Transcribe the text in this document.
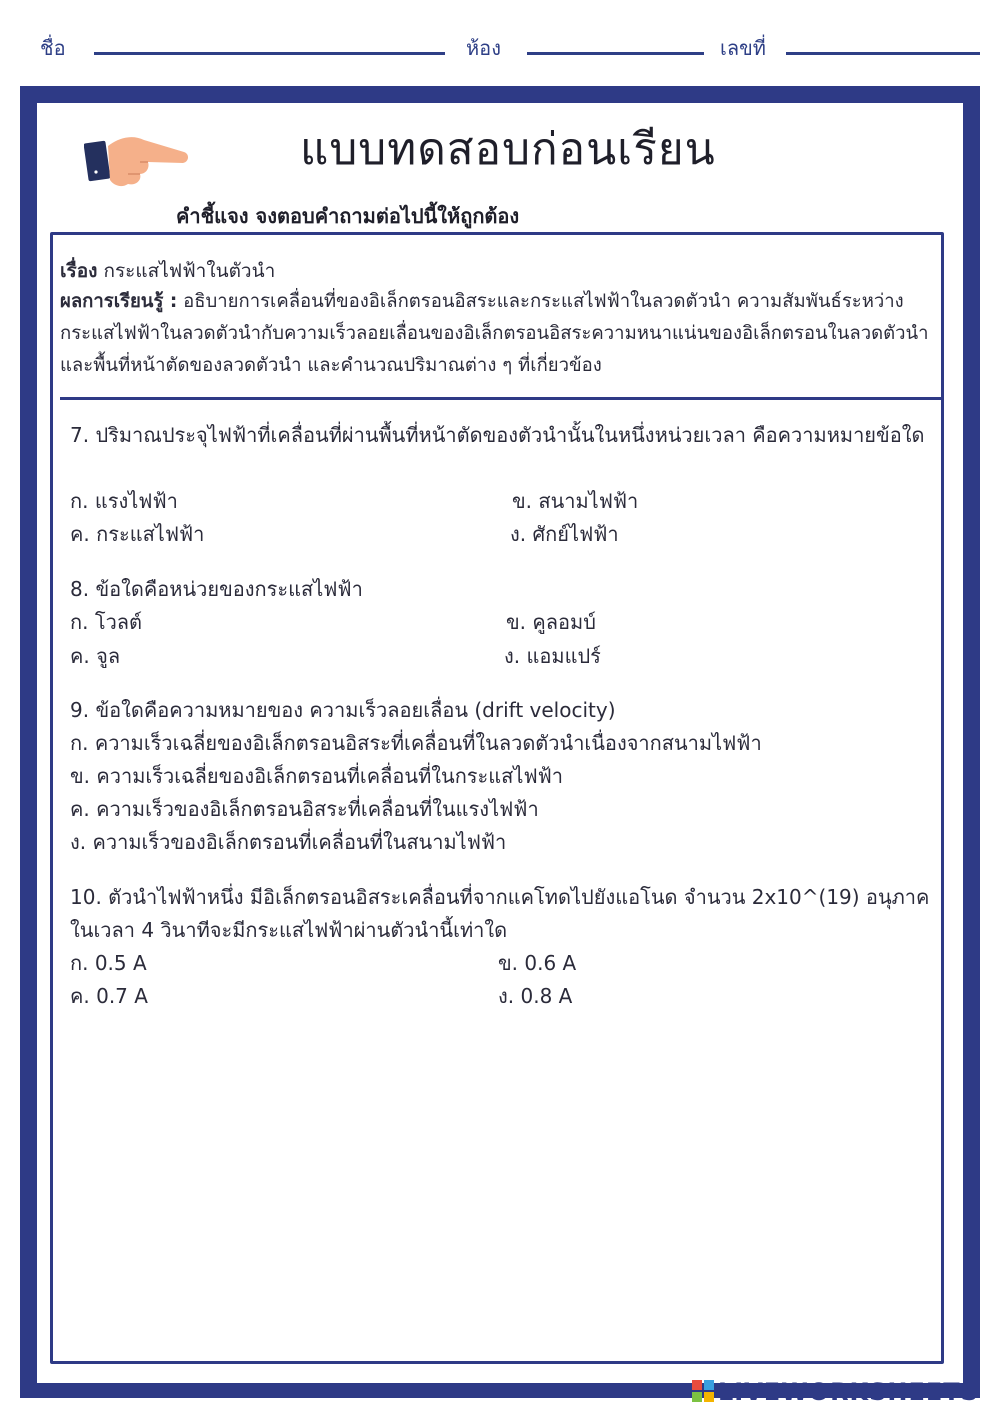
ชื่อ	ห้อง	เลขที่
แบบทดสอบก่อนเรียน
คำชี้แจง จงตอบคำถามต่อไปนี้ให้ถูกต้อง
เรื่อง กระแสไฟฟ้าในตัวนำ
ผลการเรียนรู้ : อธิบายการเคลื่อนที่ของอิเล็กตรอนอิสระและกระแสไฟฟ้าในลวดตัวนำ ความสัมพันธ์ระหว่างกระแสไฟฟ้าในลวดตัวนำกับความเร็วลอยเลื่อนของอิเล็กตรอนอิสระความหนาแน่นของอิเล็กตรอนในลวดตัวนำและพื้นที่หน้าตัดของลวดตัวนำ และคำนวณปริมาณต่าง ๆ ที่เกี่ยวข้อง
7. ปริมาณประจุไฟฟ้าที่เคลื่อนที่ผ่านพื้นที่หน้าตัดของตัวนำนั้นในหนึ่งหน่วยเวลา คือความหมายข้อใด
ก. แรงไฟฟ้า	ข. สนามไฟฟ้า
ค. กระแสไฟฟ้า	ง. ศักย์ไฟฟ้า
8. ข้อใดคือหน่วยของกระแสไฟฟ้า
ก. โวลต์	ข. คูลอมบ์
ค. จูล	ง. แอมแปร์
9. ข้อใดคือความหมายของ ความเร็วลอยเลื่อน (drift velocity)
ก. ความเร็วเฉลี่ยของอิเล็กตรอนอิสระที่เคลื่อนที่ในลวดตัวนำเนื่องจากสนามไฟฟ้า
ข. ความเร็วเฉลี่ยของอิเล็กตรอนที่เคลื่อนที่ในกระแสไฟฟ้า
ค. ความเร็วของอิเล็กตรอนอิสระที่เคลื่อนที่ในแรงไฟฟ้า
ง. ความเร็วของอิเล็กตรอนที่เคลื่อนที่ในสนามไฟฟ้า
10. ตัวนำไฟฟ้าหนึ่ง มีอิเล็กตรอนอิสระเคลื่อนที่จากแคโทดไปยังแอโนด จำนวน 2x10^(19) อนุภาคในเวลา 4 วินาทีจะมีกระแสไฟฟ้าผ่านตัวนำนี้เท่าใด
ก. 0.5 A	ข. 0.6 A
ค. 0.7 A	ง. 0.8 A
LIVEWORKSHEETS
